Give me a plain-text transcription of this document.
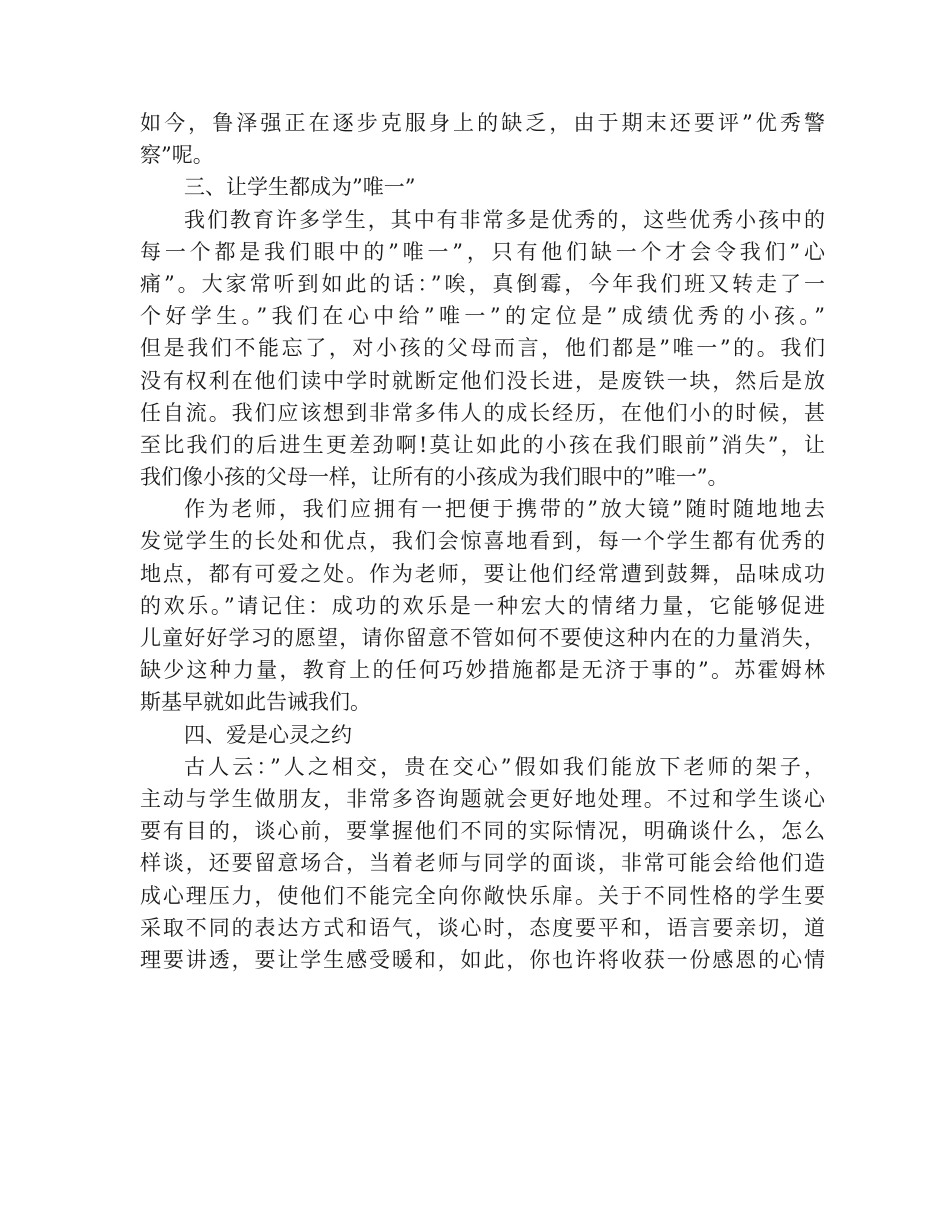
如今，鲁泽强正在逐步克服身上的缺乏，由于期末还要评”优秀警
察”呢。
三、让学生都成为”唯一”
我们教育许多学生，其中有非常多是优秀的，这些优秀小孩中的
每一个都是我们眼中的”唯一”，只有他们缺一个才会令我们”心
痛”。大家常听到如此的话：”唉，真倒霉，今年我们班又转走了一
个好学生。”我们在心中给”唯一”的定位是”成绩优秀的小孩。”
但是我们不能忘了，对小孩的父母而言，他们都是”唯一”的。我们
没有权利在他们读中学时就断定他们没长进，是废铁一块，然后是放
任自流。我们应该想到非常多伟人的成长经历，在他们小的时候，甚
至比我们的后进生更差劲啊!莫让如此的小孩在我们眼前”消失”，让
我们像小孩的父母一样，让所有的小孩成为我们眼中的”唯一”。
作为老师，我们应拥有一把便于携带的”放大镜”随时随地地去
发觉学生的长处和优点，我们会惊喜地看到，每一个学生都有优秀的
地点，都有可爱之处。作为老师，要让他们经常遭到鼓舞，品味成功
的欢乐。”请记住：成功的欢乐是一种宏大的情绪力量，它能够促进
儿童好好学习的愿望，请你留意不管如何不要使这种内在的力量消失，
缺少这种力量，教育上的任何巧妙措施都是无济于事的”。苏霍姆林
斯基早就如此告诫我们。
四、爱是心灵之约
古人云：”人之相交，贵在交心”假如我们能放下老师的架子，
主动与学生做朋友，非常多咨询题就会更好地处理。不过和学生谈心
要有目的，谈心前，要掌握他们不同的实际情况，明确谈什么，怎么
样谈，还要留意场合，当着老师与同学的面谈，非常可能会给他们造
成心理压力，使他们不能完全向你敞快乐扉。关于不同性格的学生要
采取不同的表达方式和语气，谈心时，态度要平和，语言要亲切，道
理要讲透，要让学生感受暖和，如此，你也许将收获一份感恩的心情
